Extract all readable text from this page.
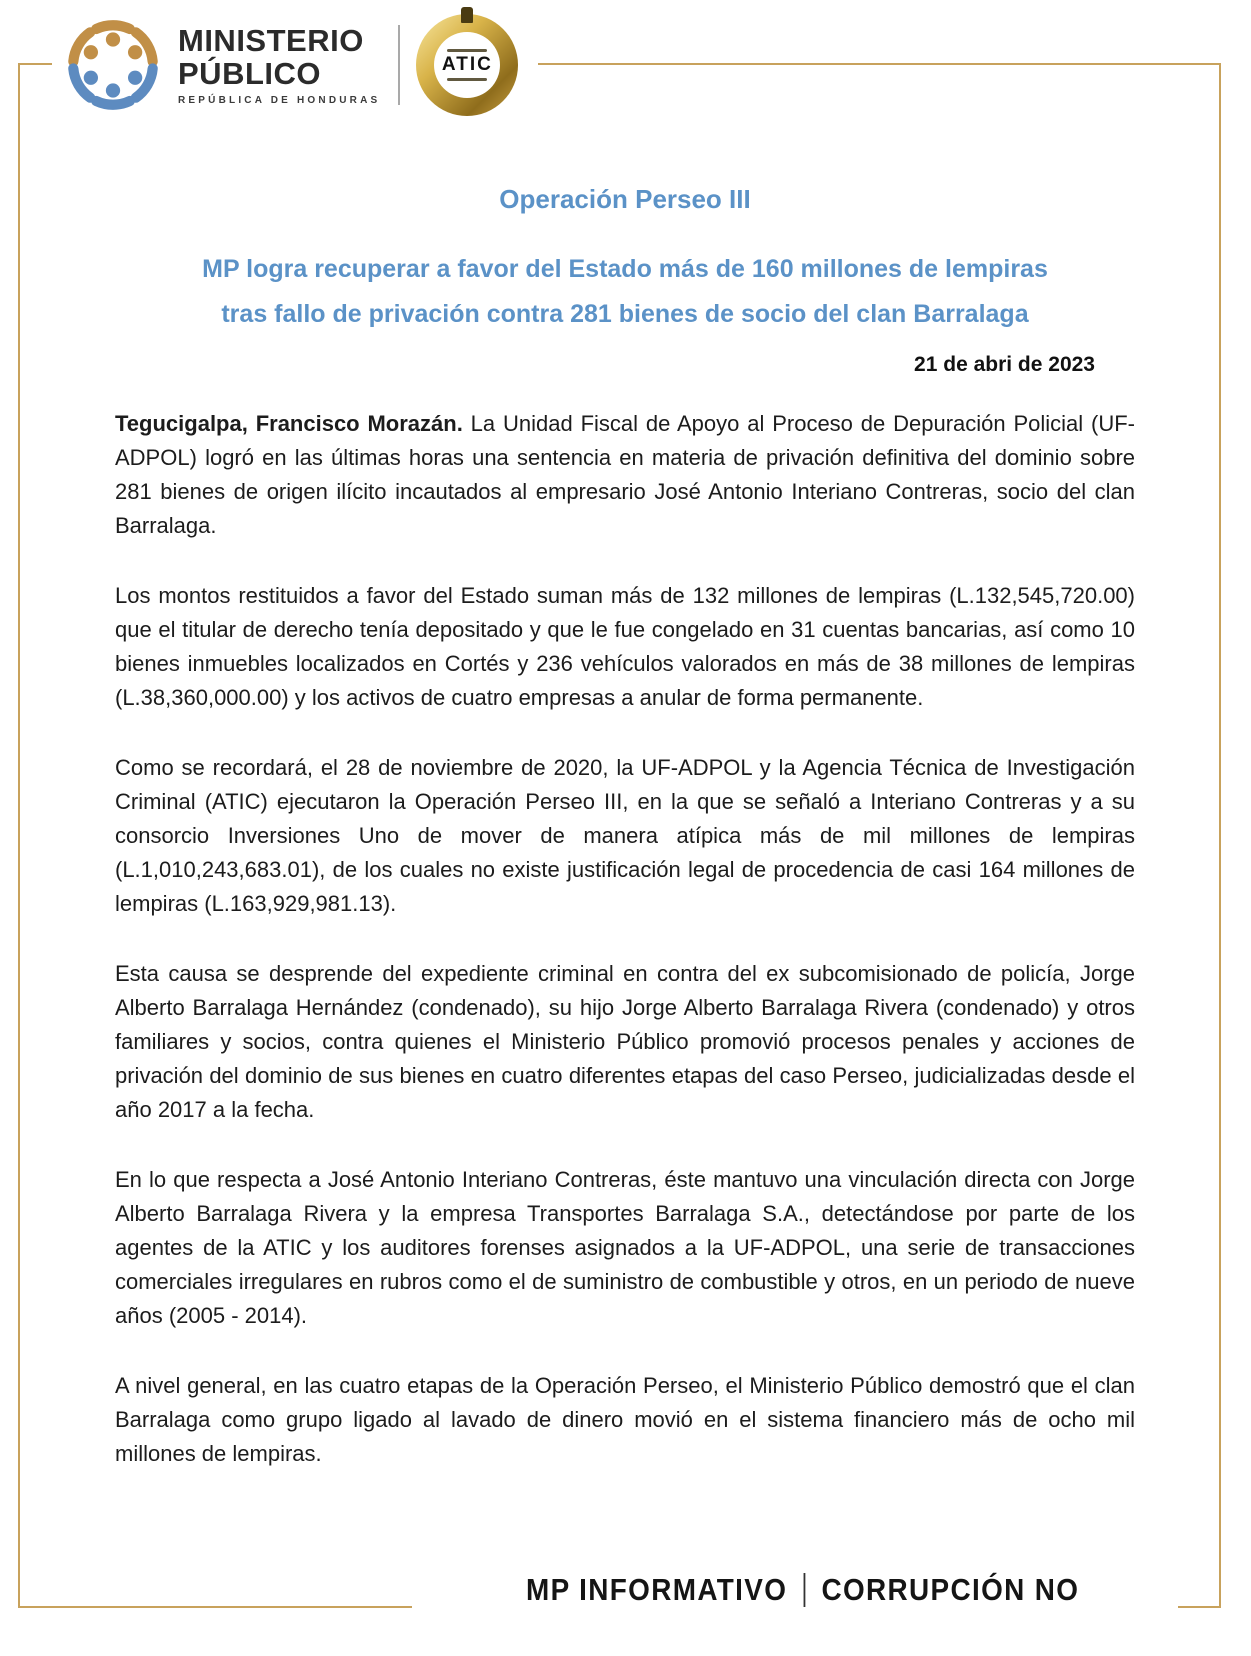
MINISTERIO
PÚBLICO
REPÚBLICA DE HONDURAS
ATIC
Operación Perseo III
MP logra recuperar a favor del Estado más de 160 millones de lempiras
tras fallo de privación contra 281 bienes de socio del clan Barralaga
21 de abri de 2023

Tegucigalpa, Francisco Morazán. La Unidad Fiscal de Apoyo al Proceso de Depuración Policial (UF-ADPOL) logró en las últimas horas una sentencia en materia de privación definitiva del dominio sobre 281 bienes de origen ilícito incautados al empresario José Antonio Interiano Contreras, socio del clan Barralaga.

Los montos restituidos a favor del Estado suman más de 132 millones de lempiras (L.132,545,720.00) que el titular de derecho tenía depositado y que le fue congelado en 31 cuentas bancarias, así como 10 bienes inmuebles localizados en Cortés y 236 vehículos valorados en más de 38 millones de lempiras (L.38,360,000.00) y los activos de cuatro empresas a anular de forma permanente.

Como se recordará, el 28 de noviembre de 2020, la UF-ADPOL y la Agencia Técnica de Investigación Criminal (ATIC) ejecutaron la Operación Perseo III, en la que se señaló a Interiano Contreras y a su consorcio Inversiones Uno de mover de manera atípica más de mil millones de lempiras (L.1,010,243,683.01), de los cuales no existe justificación legal de procedencia de casi 164 millones de lempiras (L.163,929,981.13).

Esta causa se desprende del expediente criminal en contra del ex subcomisionado de policía, Jorge Alberto Barralaga Hernández (condenado), su hijo Jorge Alberto Barralaga Rivera (condenado) y otros familiares y socios, contra quienes el Ministerio Público promovió procesos penales y acciones de privación del dominio de sus bienes en cuatro diferentes etapas del caso Perseo, judicializadas desde el año 2017 a la fecha.

En lo que respecta a José Antonio Interiano Contreras, éste mantuvo una vinculación directa con Jorge Alberto Barralaga Rivera y la empresa Transportes Barralaga S.A., detectándose por parte de los agentes de la ATIC y los auditores forenses asignados a la UF-ADPOL, una serie de transacciones comerciales irregulares en rubros como el de suministro de combustible y otros, en un periodo de nueve años (2005 - 2014).

A nivel general, en las cuatro etapas de la Operación Perseo, el Ministerio Público demostró que el clan Barralaga como grupo ligado al lavado de dinero movió en el sistema financiero más de ocho mil millones de lempiras.

MP INFORMATIVO CORRUPCIÓN NO
